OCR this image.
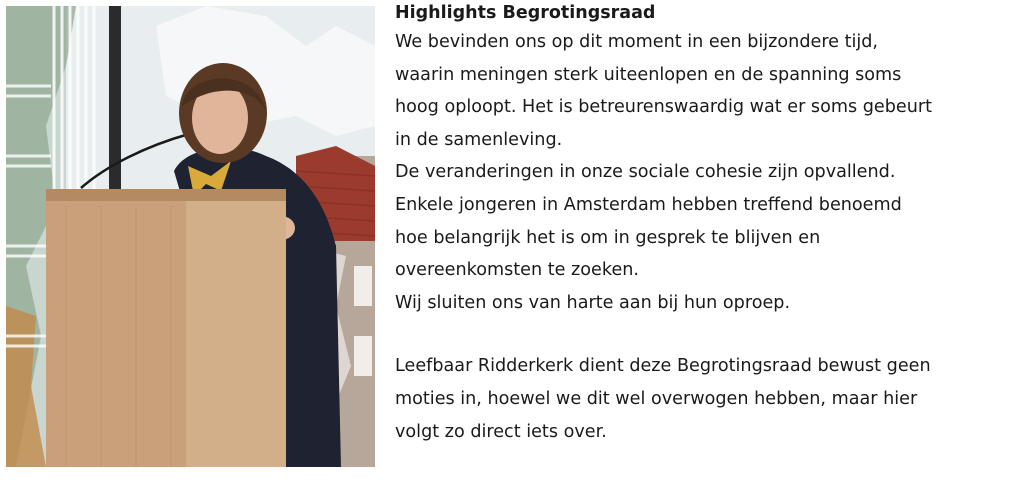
Highlights Begrotingsraad

We bevinden ons op dit moment in een bijzondere tijd,
waarin meningen sterk uiteenlopen en de spanning soms
hoog oploopt. Het is betreurenswaardig wat er soms gebeurt
in de samenleving.
De veranderingen in onze sociale cohesie zijn opvallend.
Enkele jongeren in Amsterdam hebben treffend benoemd
hoe belangrijk het is om in gesprek te blijven en
overeenkomsten te zoeken.
Wij sluiten ons van harte aan bij hun oproep.

Leefbaar Ridderkerk dient deze Begrotingsraad bewust geen
moties in, hoewel we dit wel overwogen hebben, maar hier
volgt zo direct iets over.
